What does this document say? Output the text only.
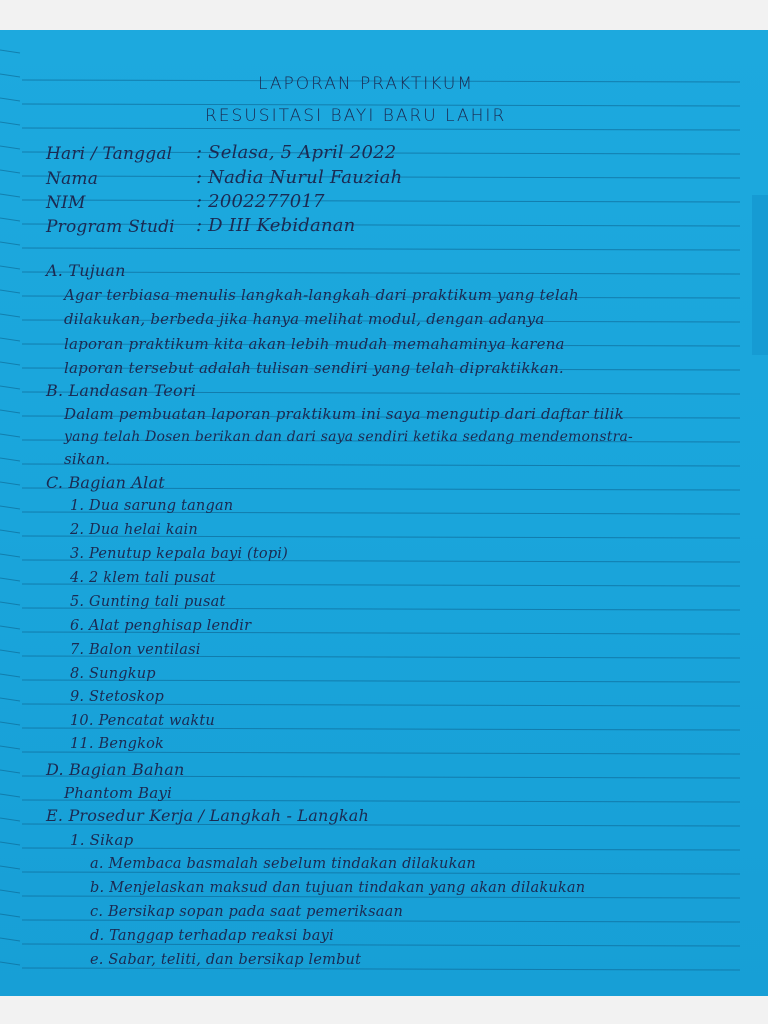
LAPORAN PRAKTIKUM
RESUSITASI BAYI BARU LAHIR
Hari / Tanggal : Selasa, 5 April 2022
Nama	: Nadia Nurul Fauziah
NIM	: 2002277017
Program Studi : D III Kebidanan
A. Tujuan
Agar terbiasa menulis langkah-langkah dari praktikum yang telah
dilakukan, berbeda jika hanya melihat modul, dengan adanya
laporan praktikum kita akan lebih mudah memahaminya karena
laporan tersebut adalah tulisan sendiri yang telah dipraktikkan.
B. Landasan Teori
Dalam pembuatan laporan praktikum ini saya mengutip dari daftar tilik
yang telah Dosen berikan dan dari saya sendiri ketika sedang mendemonstra-
sikan.
C. Bagian Alat
1. Dua sarung tangan
2. Dua helai kain
3. Penutup kepala bayi (topi)
4. 2 klem tali pusat
5. Gunting tali pusat
6. Alat penghisap lendir
7. Balon ventilasi
8. Sungkup
9. Stetoskop
10. Pencatat waktu
11. Bengkok
D. Bagian Bahan
Phantom Bayi
E. Prosedur Kerja / Langkah - Langkah
1. Sikap
a. Membaca basmalah sebelum tindakan dilakukan
b. Menjelaskan maksud dan tujuan tindakan yang akan dilakukan
c. Bersikap sopan pada saat pemeriksaan
d. Tanggap terhadap reaksi bayi
e. Sabar, teliti, dan bersikap lembut
